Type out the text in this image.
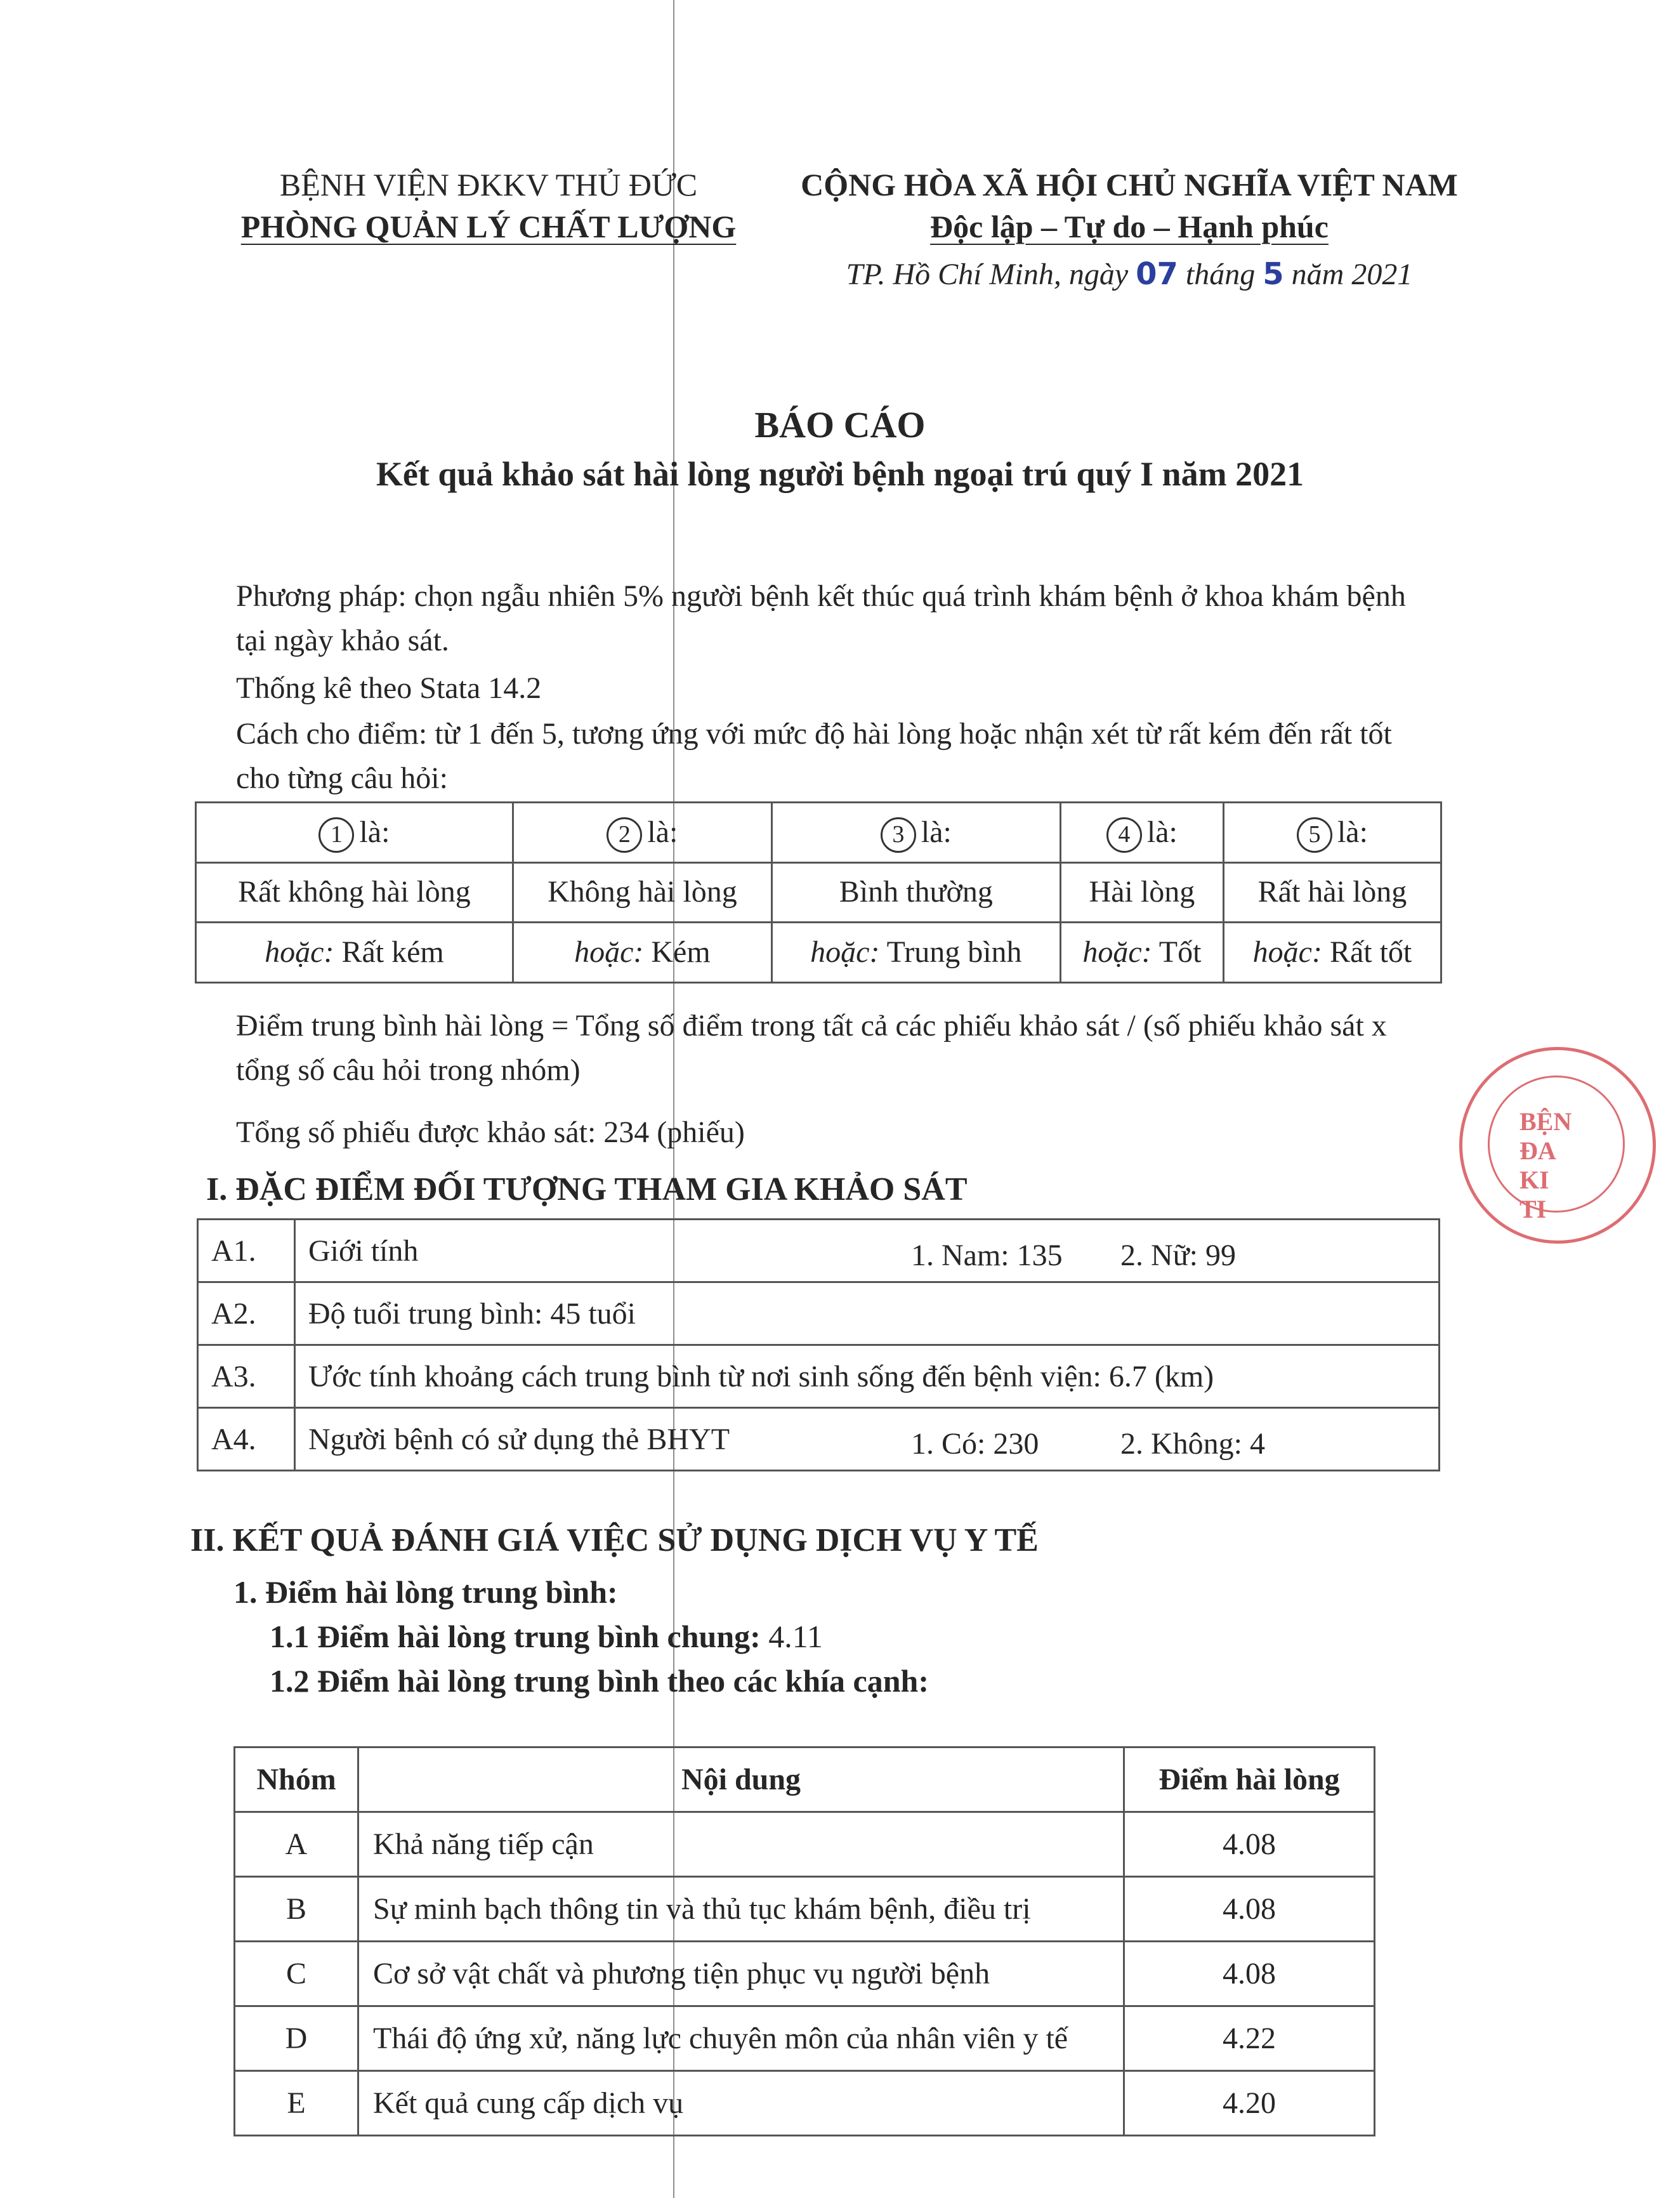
BỆNH VIỆN ĐKKV THỦ ĐỨC
PHÒNG QUẢN LÝ CHẤT LƯỢNG
CỘNG HÒA XÃ HỘI CHỦ NGHĨA VIỆT NAM
Độc lập – Tự do – Hạnh phúc
TP. Hồ Chí Minh, ngày 07 tháng 5 năm 2021
BÁO CÁO
Kết quả khảo sát hài lòng người bệnh ngoại trú quý I năm 2021
Phương pháp: chọn ngẫu nhiên 5% người bệnh kết thúc quá trình khám bệnh ở khoa khám bệnh tại ngày khảo sát.
Thống kê theo Stata 14.2
Cách cho điểm: từ 1 đến 5, tương ứng với mức độ hài lòng hoặc nhận xét từ rất kém đến rất tốt cho từng câu hỏi:
1 là:	2 là:	3 là:	4 là:	5 là:
Rất không hài lòng	Không hài lòng	Bình thường	Hài lòng	Rất hài lòng
hoặc: Rất kém	hoặc: Kém	hoặc: Trung bình	hoặc: Tốt	hoặc: Rất tốt
Điểm trung bình hài lòng = Tổng số điểm trong tất cả các phiếu khảo sát / (số phiếu khảo sát x tổng số câu hỏi trong nhóm)
Tổng số phiếu được khảo sát: 234 (phiếu)
I. ĐẶC ĐIỂM ĐỐI TƯỢNG THAM GIA KHẢO SÁT
A1.	Giới tính 1. Nam: 135 2. Nữ: 99

A2.	Độ tuổi trung bình: 45 tuổi
A3.	Ước tính khoảng cách trung bình từ nơi sinh sống đến bệnh viện: 6.7 (km)
A4.	Người bệnh có sử dụng thẻ BHYT 1. Có: 230 2. Không: 4
II. KẾT QUẢ ĐÁNH GIÁ VIỆC SỬ DỤNG DỊCH VỤ Y TẾ
1. Điểm hài lòng trung bình:
1.1 Điểm hài lòng trung bình chung: 4.11
1.2 Điểm hài lòng trung bình theo các khía cạnh:
Nhóm	Nội dung	Điểm hài lòng
A	Khả năng tiếp cận	4.08
B	Sự minh bạch thông tin và thủ tục khám bệnh, điều trị	4.08
C	Cơ sở vật chất và phương tiện phục vụ người bệnh	4.08
D	Thái độ ứng xử, năng lực chuyên môn của nhân viên y tế	4.22
E	Kết quả cung cấp dịch vụ	4.20
BỆN
ĐA
KI
TI
